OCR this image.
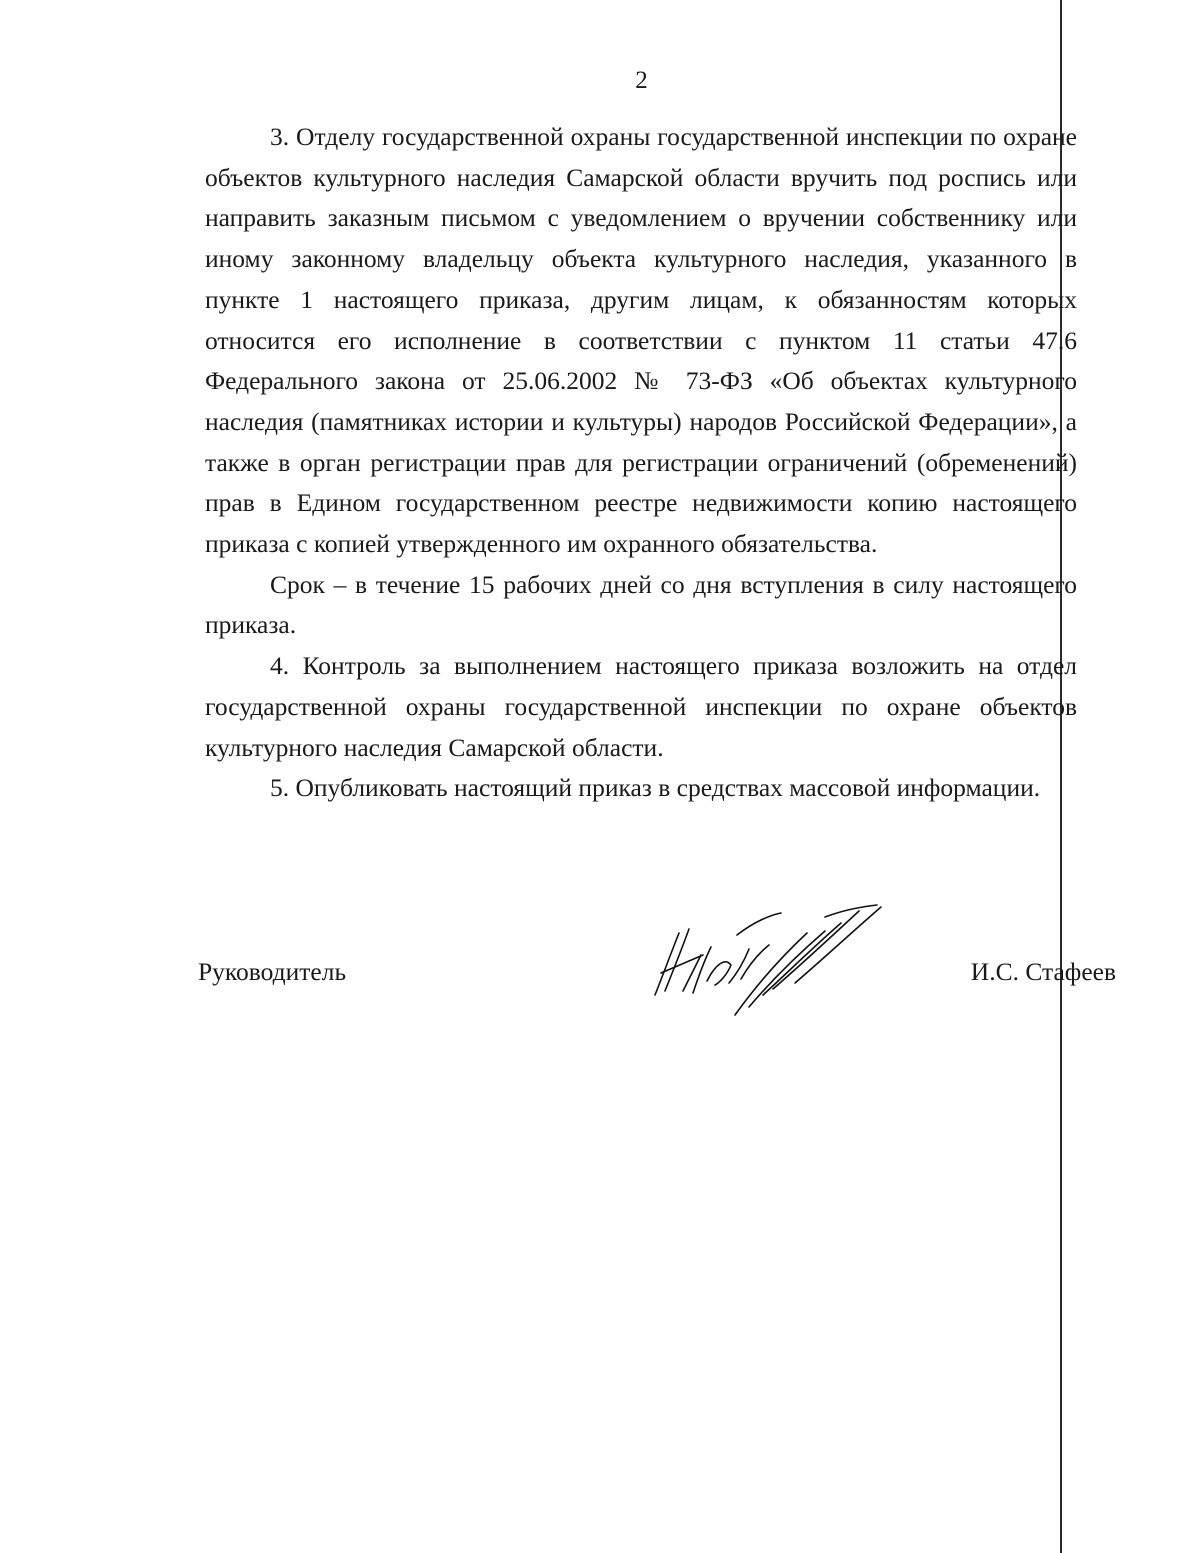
2

3. Отделу государственной охраны государственной инспекции по охране объектов культурного наследия Самарской области вручить под роспись или направить заказным письмом с уведомлением о вручении собственнику или иному законному владельцу объекта культурного наследия, указанного в пункте 1 настоящего приказа, другим лицам, к обязанностям которых относится его исполнение в соответствии с пунктом 11 статьи 47.6 Федерального закона от 25.06.2002 № 73-ФЗ «Об объектах культурного наследия (памятниках истории и культуры) народов Российской Федерации», а также в орган регистрации прав для регистрации ограничений (обременений) прав в Едином государственном реестре недвижимости копию настоящего приказа с копией утвержденного им охранного обязательства.

Срок – в течение 15 рабочих дней со дня вступления в силу настоящего приказа.

4. Контроль за выполнением настоящего приказа возложить на отдел государственной охраны государственной инспекции по охране объектов культурного наследия Самарской области.

5. Опубликовать настоящий приказ в средствах массовой информации.

Руководитель	И.С. Стафеев
